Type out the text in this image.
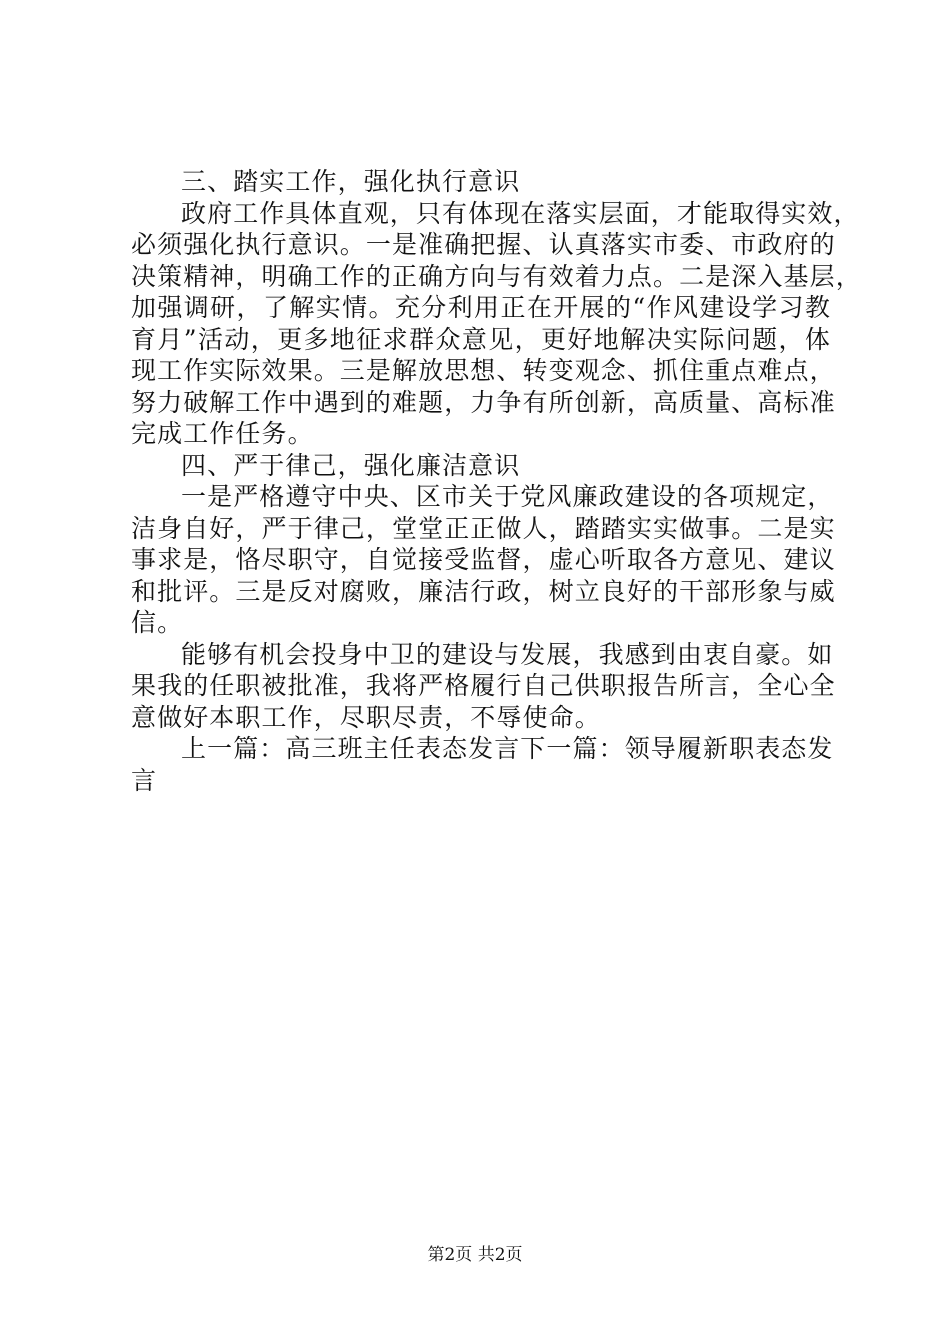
三、踏实工作，强化执行意识
政府工作具体直观，只有体现在落实层面，才能取得实效，
必须强化执行意识。一是准确把握、认真落实市委、市政府的
决策精神，明确工作的正确方向与有效着力点。二是深入基层，
加强调研，了解实情。充分利用正在开展的“作风建设学习教
育月”活动，更多地征求群众意见，更好地解决实际问题，体
现工作实际效果。三是解放思想、转变观念、抓住重点难点，
努力破解工作中遇到的难题，力争有所创新，高质量、高标准
完成工作任务。
四、严于律己，强化廉洁意识
一是严格遵守中央、区市关于党风廉政建设的各项规定，
洁身自好，严于律己，堂堂正正做人，踏踏实实做事。二是实
事求是，恪尽职守，自觉接受监督，虚心听取各方意见、建议
和批评。三是反对腐败，廉洁行政，树立良好的干部形象与威
信。
能够有机会投身中卫的建设与发展，我感到由衷自豪。如
果我的任职被批准，我将严格履行自己供职报告所言，全心全
意做好本职工作，尽职尽责，不辱使命。
上一篇：高三班主任表态发言下一篇：领导履新职表态发
言
第2页 共2页
